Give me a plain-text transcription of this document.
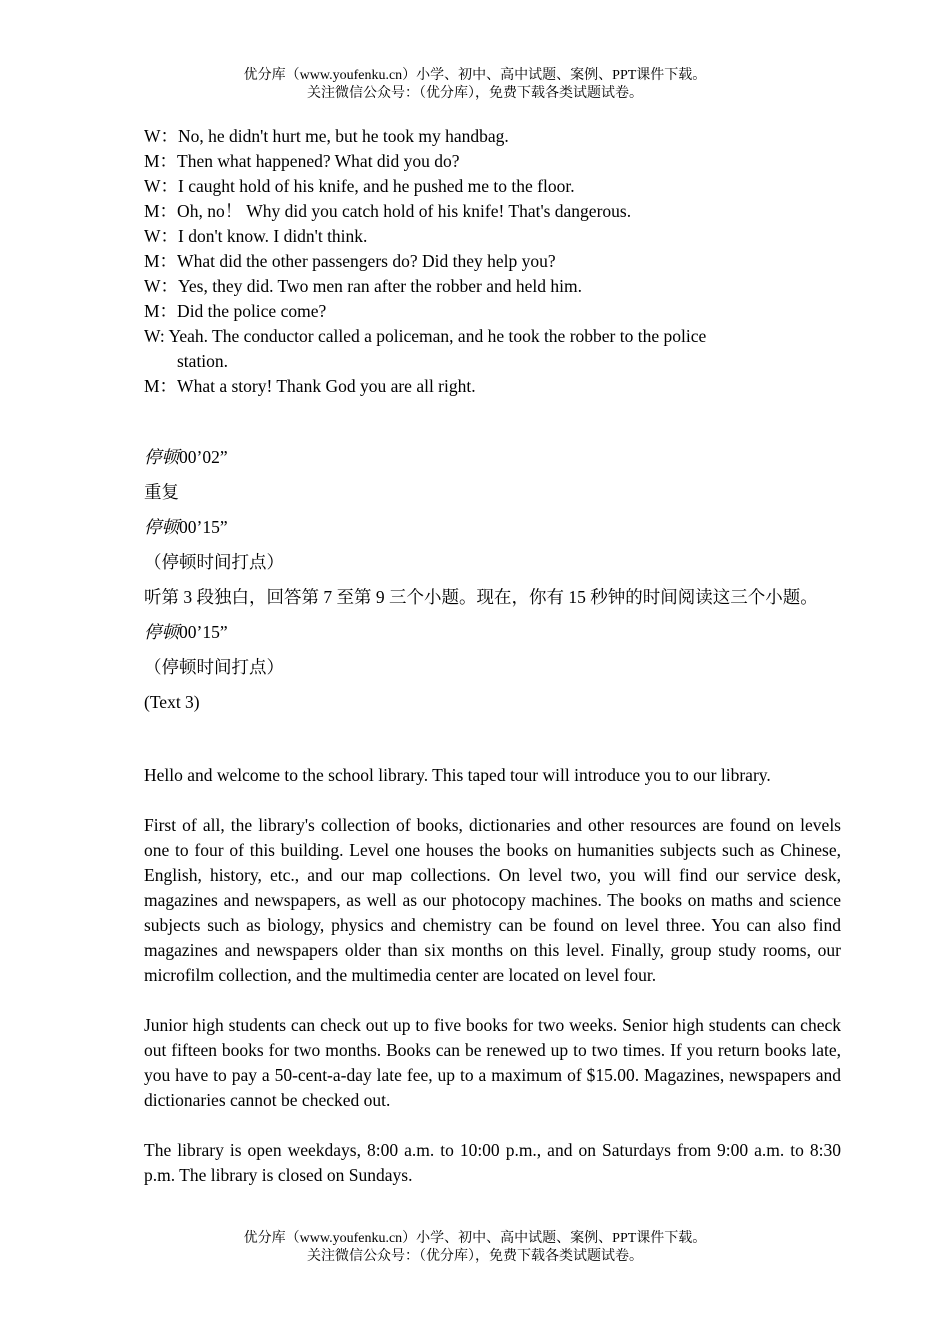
优分库（www.youfenku.cn）小学、初中、高中试题、案例、PPT课件下载。
关注微信公众号：（优分库），免费下载各类试题试卷。
W：No, he didn't hurt me, but he took my handbag.
M：Then what happened? What did you do?
W：I caught hold of his knife, and he pushed me to the floor.
M：Oh, no！ Why did you catch hold of his knife! That's dangerous.
W：I don't know. I didn't think.
M：What did the other passengers do? Did they help you?
W：Yes, they did. Two men ran after the robber and held him.
M：Did the police come?
W: Yeah. The conductor called a policeman, and he took the robber to the police
station.
M：What a story! Thank God you are all right.
停顿00’02”
重复
停顿00’15”
（停顿时间打点）
听第 3 段独白，回答第 7 至第 9 三个小题。现在，你有 15 秒钟的时间阅读这三个小题。
停顿00’15”
（停顿时间打点）
(Text 3)

Hello and welcome to the school library. This taped tour will introduce you to our library.

First of all, the library's collection of books, dictionaries and other resources are found on levels one to four of this building. Level one houses the books on humanities subjects such as Chinese, English, history, etc., and our map collections. On level two, you will find our service desk, magazines and newspapers, as well as our photocopy machines. The books on maths and science subjects such as biology, physics and chemistry can be found on level three. You can also find magazines and newspapers older than six months on this level. Finally, group study rooms, our microfilm collection, and the multimedia center are located on level four.

Junior high students can check out up to five books for two weeks. Senior high students can check out fifteen books for two months. Books can be renewed up to two times. If you return books late, you have to pay a 50-cent-a-day late fee, up to a maximum of $15.00. Magazines, newspapers and dictionaries cannot be checked out.

The library is open weekdays, 8:00 a.m. to 10:00 p.m., and on Saturdays from 9:00 a.m. to 8:30 p.m. The library is closed on Sundays.

优分库（www.youfenku.cn）小学、初中、高中试题、案例、PPT课件下载。
关注微信公众号：（优分库），免费下载各类试题试卷。
